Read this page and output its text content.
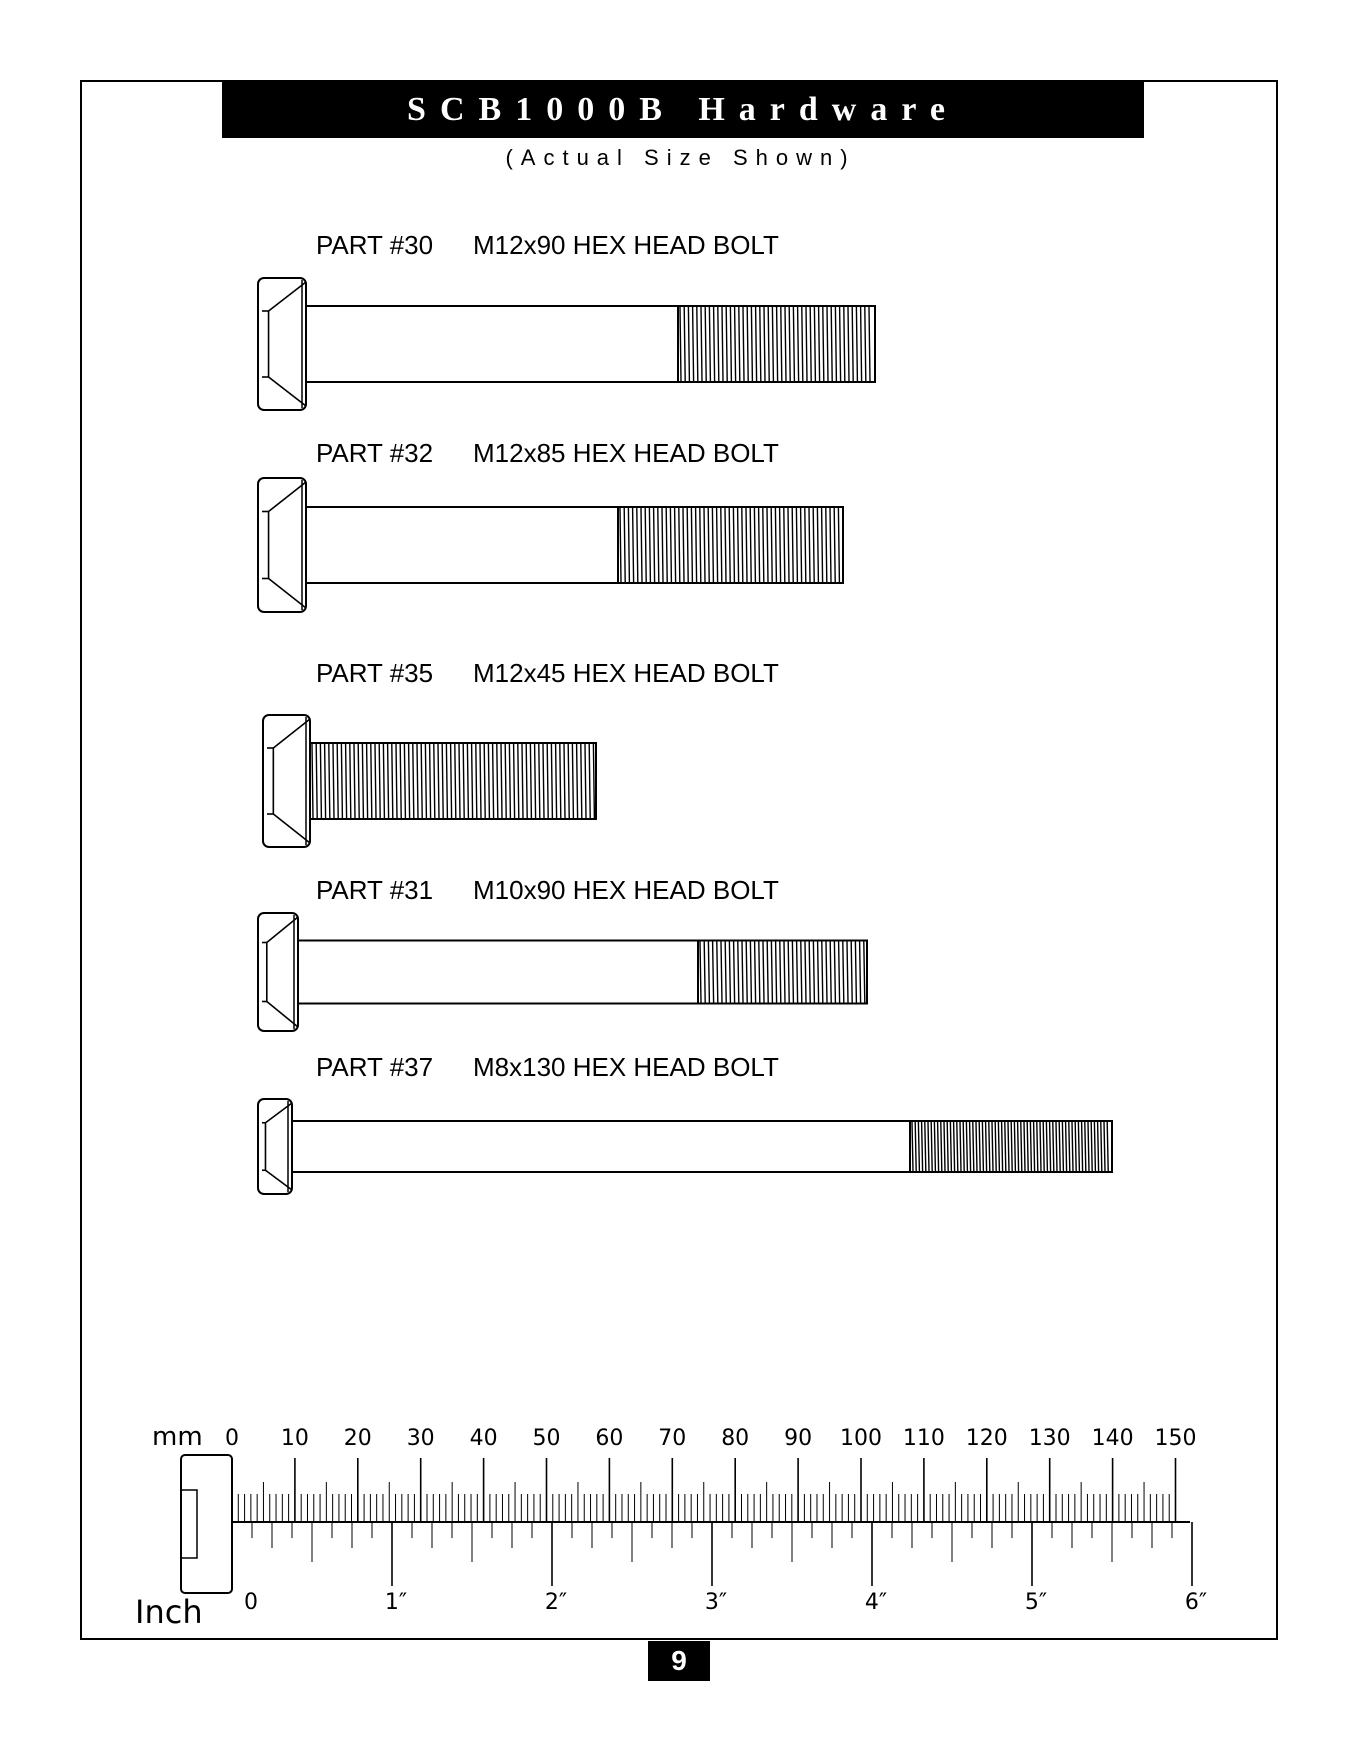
SCB1000B Hardware
(Actual Size Shown)
PART #30 M12x90 HEX HEAD BOLT
PART #32 M12x85 HEX HEAD BOLT
PART #35 M12x45 HEX HEAD BOLT
PART #31 M10x90 HEX HEAD BOLT
PART #37 M8x130 HEX HEAD BOLT
mm
Inch
0 10 20 30 40 50 60 70 80 90 100 110 120 130 140 150
0	1″	2″	3″	4″	5″	6″
9
